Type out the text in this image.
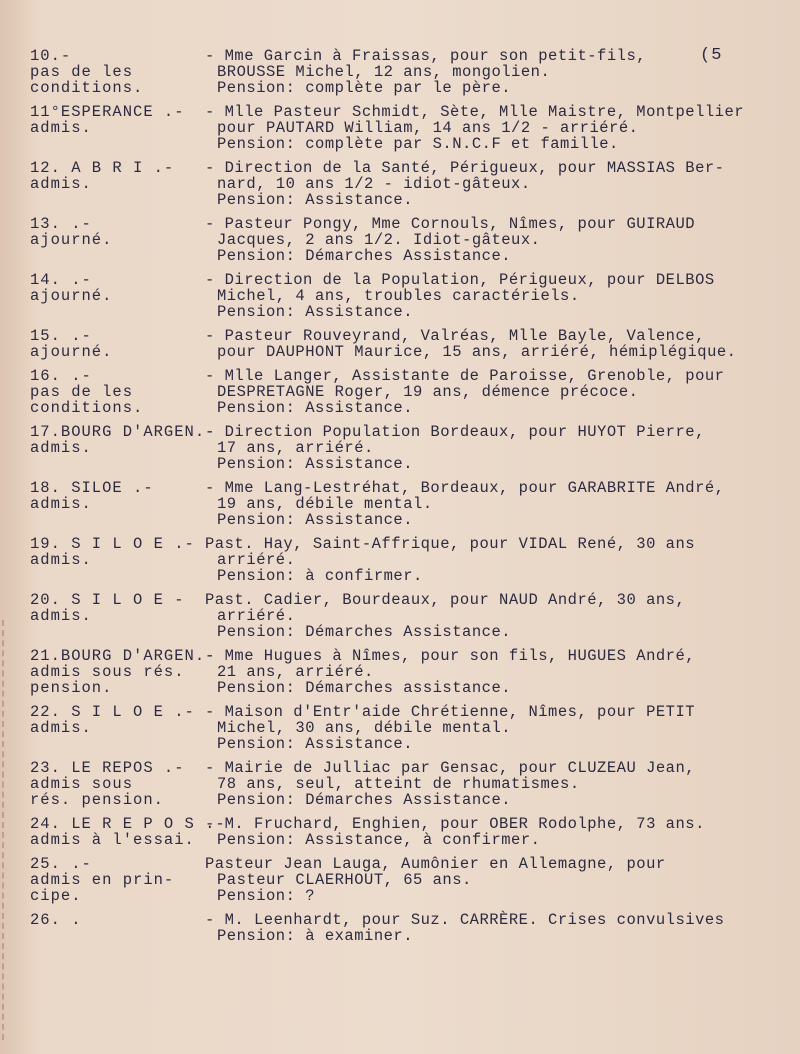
(5
10.-
pas de les
conditions.
- Mme Garcin à Fraissas, pour son petit-fils,
BROUSSE Michel, 12 ans, mongolien.
Pension: complète par le père.
11°ESPERANCE .-
admis.
- Mlle Pasteur Schmidt, Sète, Mlle Maistre, Montpellier
pour PAUTARD William, 14 ans 1/2 - arriéré.
Pension: complète par S.N.C.F et famille.
12. A B R I .-
admis.
- Direction de la Santé, Périgueux, pour MASSIAS Ber-
nard, 10 ans 1/2 - idiot-gâteux.
Pension: Assistance.
13. .-
ajourné.
- Pasteur Pongy, Mme Cornouls, Nîmes, pour GUIRAUD
Jacques, 2 ans 1/2. Idiot-gâteux.
Pension: Démarches Assistance.
14. .-
ajourné.
- Direction de la Population, Périgueux, pour DELBOS
Michel, 4 ans, troubles caractériels.
Pension: Assistance.
15. .-
ajourné.
- Pasteur Rouveyrand, Valréas, Mlle Bayle, Valence,
pour DAUPHONT Maurice, 15 ans, arriéré, hémiplégique.
16. .-
pas de les
conditions.
- Mlle Langer, Assistante de Paroisse, Grenoble, pour
DESPRETAGNE Roger, 19 ans, démence précoce.
Pension: Assistance.
17.BOURG D'ARGEN.-
admis.
- Direction Population Bordeaux, pour HUYOT Pierre,
17 ans, arriéré.
Pension: Assistance.
18. SILOE .-
admis.
- Mme Lang-Lestréhat, Bordeaux, pour GARABRITE André,
19 ans, débile mental.
Pension: Assistance.
19. S I L O E .-
admis.
Past. Hay, Saint-Affrique, pour VIDAL René, 30 ans
arriéré.
Pension: à confirmer.
20. S I L O E -
admis.
Past. Cadier, Bourdeaux, pour NAUD André, 30 ans,
arriéré.
Pension: Démarches Assistance.
21.BOURG D'ARGEN.-
admis sous rés.
pension.
- Mme Hugues à Nîmes, pour son fils, HUGUES André,
21 ans, arriéré.
Pension: Démarches assistance.
22. S I L O E .-
admis.
- Maison d'Entr'aide Chrétienne, Nîmes, pour PETIT
Michel, 30 ans, débile mental.
Pension: Assistance.
23. LE REPOS .-
admis sous
rés. pension.
- Mairie de Julliac par Gensac, pour CLUZEAU Jean,
78 ans, seul, atteint de rhumatismes.
Pension: Démarches Assistance.
24. LE R E P O S .-
admis à l'essai.
- M. Fruchard, Enghien, pour OBER Rodolphe, 73 ans.
Pension: Assistance, à confirmer.
25. .-
admis en prin-
cipe.
Pasteur Jean Lauga, Aumônier en Allemagne, pour
Pasteur CLAERHOUT, 65 ans.
Pension: ?
26. .	- M. Leenhardt, pour Suz. CARRÈRE. Crises convulsives
Pension: à examiner.
